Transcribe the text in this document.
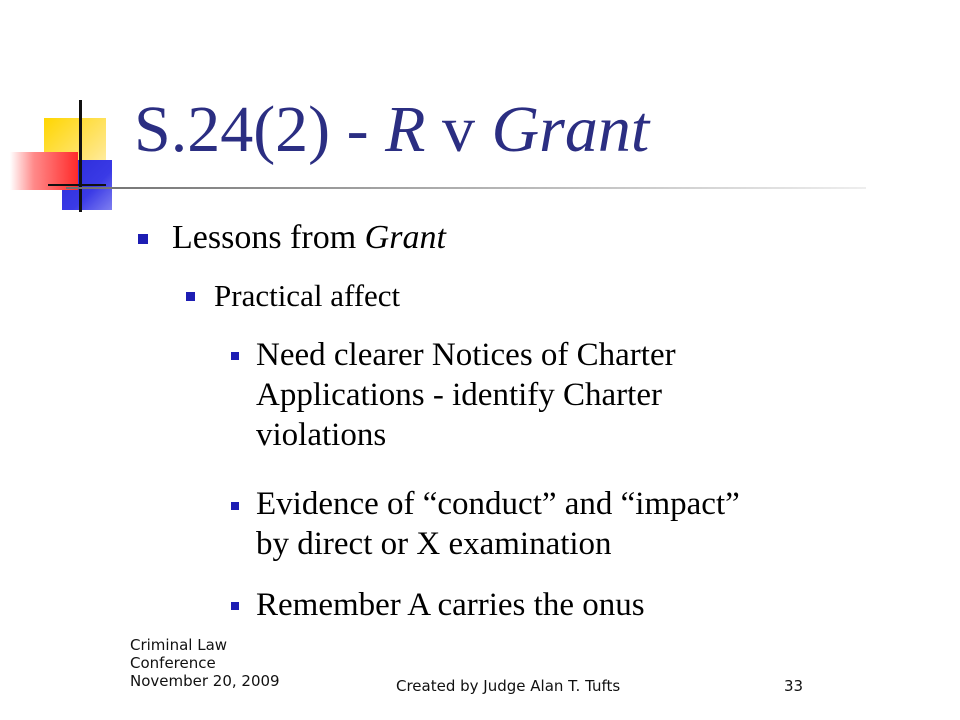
S.24(2) - R v Grant
Lessons from Grant
Practical affect
Need clearer Notices of Charter
Applications - identify Charter
violations
Evidence of “conduct” and “impact”
by direct or X examination
Remember A carries the onus
Criminal Law
Conference
November 20, 2009	Created by Judge Alan T. Tufts	33
